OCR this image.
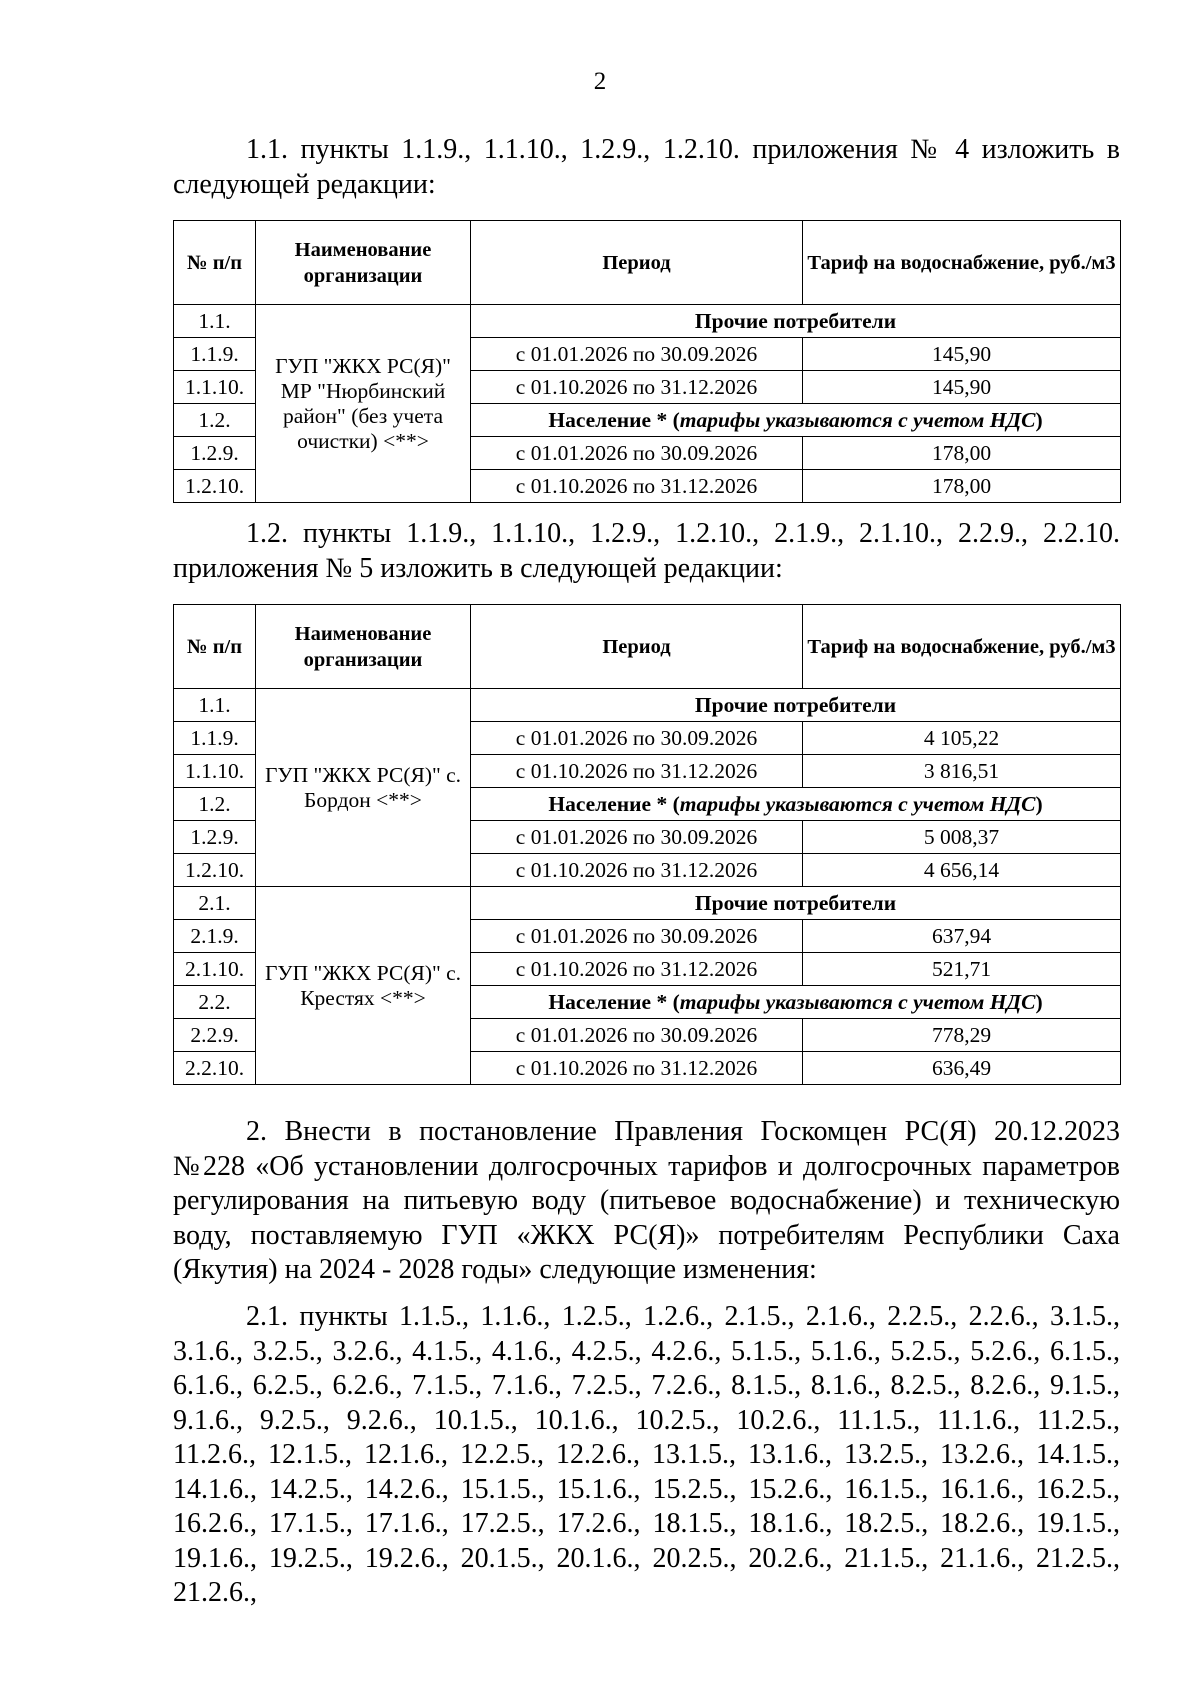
2

1.1. пункты 1.1.9., 1.1.10., 1.2.9., 1.2.10. приложения № 4 изложить в следующей редакции:

№ п/п	Наименование организации	Период	Тариф на водоснабжение, руб./м3
1.1.	ГУП "ЖКХ РС(Я)" МР "Нюрбинский район" (без учета очистки) <**>	Прочие потребители	
1.1.9.		с 01.01.2026 по 30.09.2026	145,90
1.1.10.		с 01.10.2026 по 31.12.2026	145,90
1.2.		Население * (тарифы указываются с учетом НДС)	
1.2.9.		с 01.01.2026 по 30.09.2026	178,00
1.2.10.		с 01.10.2026 по 31.12.2026	178,00

1.2. пункты 1.1.9., 1.1.10., 1.2.9., 1.2.10., 2.1.9., 2.1.10., 2.2.9., 2.2.10. приложения № 5 изложить в следующей редакции:

№ п/п	Наименование организации	Период	Тариф на водоснабжение, руб./м3
1.1.	ГУП "ЖКХ РС(Я)" с. Бордон <**>	Прочие потребители	
1.1.9.		с 01.01.2026 по 30.09.2026	4 105,22
1.1.10.		с 01.10.2026 по 31.12.2026	3 816,51
1.2.		Население * (тарифы указываются с учетом НДС)	
1.2.9.		с 01.01.2026 по 30.09.2026	5 008,37
1.2.10.		с 01.10.2026 по 31.12.2026	4 656,14
2.1.	ГУП "ЖКХ РС(Я)" с. Крестях <**>	Прочие потребители	
2.1.9.		с 01.01.2026 по 30.09.2026	637,94
2.1.10.		с 01.10.2026 по 31.12.2026	521,71
2.2.		Население * (тарифы указываются с учетом НДС)	
2.2.9.		с 01.01.2026 по 30.09.2026	778,29
2.2.10.		с 01.10.2026 по 31.12.2026	636,49

2. Внести в постановление Правления Госкомцен РС(Я) 20.12.2023 №228 «Об установлении долгосрочных тарифов и долгосрочных параметров регулирования на питьевую воду (питьевое водоснабжение) и техническую воду, поставляемую ГУП «ЖКХ РС(Я)» потребителям Республики Саха (Якутия) на 2024 - 2028 годы» следующие изменения:

2.1. пункты 1.1.5., 1.1.6., 1.2.5., 1.2.6., 2.1.5., 2.1.6., 2.2.5., 2.2.6., 3.1.5., 3.1.6., 3.2.5., 3.2.6., 4.1.5., 4.1.6., 4.2.5., 4.2.6., 5.1.5., 5.1.6., 5.2.5., 5.2.6., 6.1.5., 6.1.6., 6.2.5., 6.2.6., 7.1.5., 7.1.6., 7.2.5., 7.2.6., 8.1.5., 8.1.6., 8.2.5., 8.2.6., 9.1.5., 9.1.6., 9.2.5., 9.2.6., 10.1.5., 10.1.6., 10.2.5., 10.2.6., 11.1.5., 11.1.6., 11.2.5., 11.2.6., 12.1.5., 12.1.6., 12.2.5., 12.2.6., 13.1.5., 13.1.6., 13.2.5., 13.2.6., 14.1.5., 14.1.6., 14.2.5., 14.2.6., 15.1.5., 15.1.6., 15.2.5., 15.2.6., 16.1.5., 16.1.6., 16.2.5., 16.2.6., 17.1.5., 17.1.6., 17.2.5., 17.2.6., 18.1.5., 18.1.6., 18.2.5., 18.2.6., 19.1.5., 19.1.6., 19.2.5., 19.2.6., 20.1.5., 20.1.6., 20.2.5., 20.2.6., 21.1.5., 21.1.6., 21.2.5., 21.2.6.,
